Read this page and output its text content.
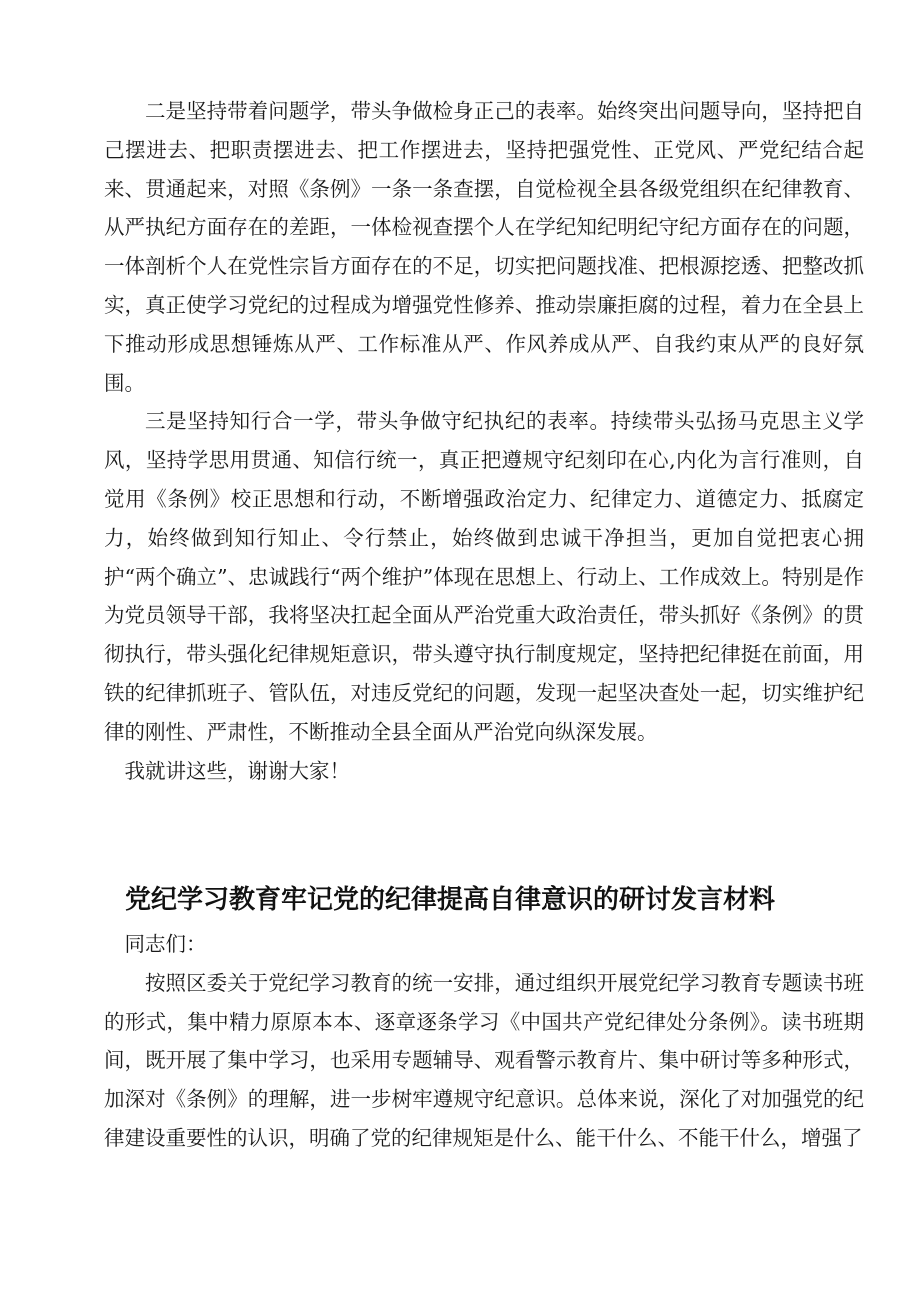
二是坚持带着问题学，带头争做检身正己的表率。始终突出问题导向，坚持把自己摆进去、把职责摆进去、把工作摆进去，坚持把强党性、正党风、严党纪结合起来、贯通起来，对照《条例》一条一条查摆，自觉检视全县各级党组织在纪律教育、从严执纪方面存在的差距，一体检视查摆个人在学纪知纪明纪守纪方面存在的问题，一体剖析个人在党性宗旨方面存在的不足，切实把问题找准、把根源挖透、把整改抓实，真正使学习党纪的过程成为增强党性修养、推动崇廉拒腐的过程，着力在全县上下推动形成思想锤炼从严、工作标准从严、作风养成从严、自我约束从严的良好氛围。

三是坚持知行合一学，带头争做守纪执纪的表率。持续带头弘扬马克思主义学风，坚持学思用贯通、知信行统一，真正把遵规守纪刻印在心,内化为言行准则，自觉用《条例》校正思想和行动，不断增强政治定力、纪律定力、道德定力、抵腐定力，始终做到知行知止、令行禁止，始终做到忠诚干净担当，更加自觉把衷心拥护“两个确立”、忠诚践行“两个维护”体现在思想上、行动上、工作成效上。特别是作为党员领导干部，我将坚决扛起全面从严治党重大政治责任，带头抓好《条例》的贯彻执行，带头强化纪律规矩意识，带头遵守执行制度规定，坚持把纪律挺在前面，用铁的纪律抓班子、管队伍，对违反党纪的问题，发现一起坚决查处一起，切实维护纪律的刚性、严肃性，不断推动全县全面从严治党向纵深发展。

我就讲这些，谢谢大家！

党纪学习教育牢记党的纪律提高自律意识的研讨发言材料

同志们：

按照区委关于党纪学习教育的统一安排，通过组织开展党纪学习教育专题读书班的形式，集中精力原原本本、逐章逐条学习《中国共产党纪律处分条例》。读书班期间，既开展了集中学习，也采用专题辅导、观看警示教育片、集中研讨等多种形式，加深对《条例》的理解，进一步树牢遵规守纪意识。总体来说，深化了对加强党的纪律建设重要性的认识，明确了党的纪律规矩是什么、能干什么、不能干什么，增强了
